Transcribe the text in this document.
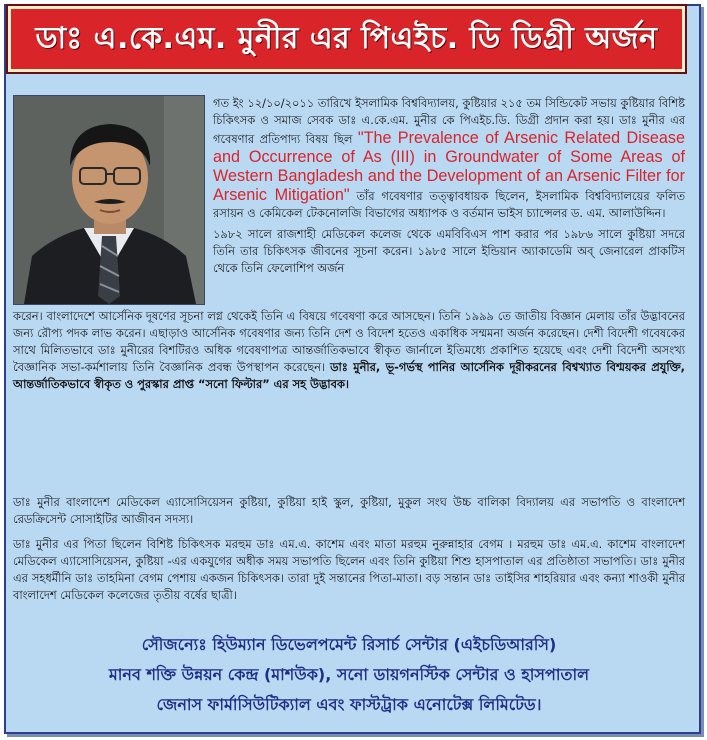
ডাঃ এ.কে.এম. মুনীর এর পিএইচ. ডি ডিগ্রী অর্জন
গত ইং ১২/১০/২০১১ তারিখে ইসলামিক বিশ্ববিদ্যালয়, কুষ্টিয়ার ২১৫ তম সিন্ডিকেট সভায় কুষ্টিয়ার বিশিষ্ট চিকিৎসক ও সমাজ সেবক ডাঃ এ.কে.এম. মুনীর কে পিএইচ.ডি. ডিগ্রী প্রদান করা হয়। ডাঃ মুনীর এর গবেষণার প্রতিপাদ্য বিষয় ছিল "The Prevalence of Arsenic Related Disease and Occurrence of As (III) in Groundwater of Some Areas of Western Bangladesh and the Development of an Arsenic Filter for Arsenic Mitigation" তাঁর গবেষণার তত্ত্বাবধায়ক ছিলেন, ইসলামিক বিশ্ববিদ্যালয়ের ফলিত রসায়ন ও কেমিকেল টেকনোলজি বিভাগের অধ্যাপক ও বর্তমান ভাইস চ্যান্সেলর ড. এম. আলাউদ্দিন।
১৯৮২ সালে রাজশাহী মেডিকেল কলেজ থেকে এমবিবিএস পাশ করার পর ১৯৮৬ সালে কুষ্টিয়া সদরে তিনি তার চিকিৎসক জীবনের সূচনা করেন। ১৯৮৫ সালে ইন্ডিয়ান অ্যাকাডেমি অব্‌ জেনারেল প্রাকটিস থেকে তিনি ফেলোশিপ অর্জন
করেন। বাংলাদেশে আর্সেনিক দূষণের সূচনা লগ্ন থেকেই তিনি এ বিষয়ে গবেষণা করে আসছেন। তিনি ১৯৯৯ তে জাতীয় বিজ্ঞান মেলায় তাঁর উদ্ভাবনের জন্য রৌপ্য পদক লাভ করেন। এছাড়াও আর্সেনিক গবেষণার জন্য তিনি দেশ ও বিদেশ হতেও একাধিক সম্মমনা অর্জন করেছেন। দেশী বিদেশী গবেষকের সাথে মিলিতভাবে ডাঃ মুনীরের বিশটিরও অধিক গবেষণাপত্র আন্তর্জাতিকভাবে স্বীকৃত জার্নালে ইতিমধ্যে প্রকাশিত হয়েছে এবং দেশী বিদেশী অসংখ্য বৈজ্ঞানিক সভা-কর্মশালায় তিনি বৈজ্ঞানিক প্রবন্ধ উপস্থাপন করেছেন। ডাঃ মুনীর, ভূ-গর্ভস্থ পানির আর্সেনিক দূরীকরনের বিশ্বখ্যাত বিশ্ময়কর প্রযুক্তি, আন্তর্জাতিকভাবে স্বীকৃত ও পুরস্কার প্রাপ্ত “সনো ফিল্টার” এর সহ উদ্ভাবক।
ডাঃ মুনীর বাংলাদেশ মেডিকেল এ্যাসোসিয়েসন কুষ্টিয়া, কুষ্টিয়া হাই স্কুল, কুষ্টিয়া, মুকুল সংঘ উচ্চ বালিকা বিদ্যালয় এর সভাপতি ও বাংলাদেশ রেডক্রিসেন্ট সোসাইটির আজীবন সদস্য।
ডাঃ মুনীর এর পিতা ছিলেন বিশিষ্ট চিকিৎসক মরহুম ডাঃ এম.এ. কাশেম এবং মাতা মরহুম নুরুন্নাহার বেগম । মরহুম ডাঃ এম.এ. কাশেম বাংলাদেশ মেডিকেল এ্যাসোসিয়েসন, কুষ্টিয়া -এর একযুগের অধীক সময় সভাপতি ছিলেন এবং তিনি কুষ্টিয়া শিশু হাসপাতাল এর প্রতিষ্ঠাতা সভাপতি। ডাঃ মুনীর এর সহধর্মীনি ডাঃ তাহমিনা বেগম পেশায় একজন চিকিৎসক। তারা দুই সন্তানের পিতা-মাতা। বড় সন্তান ডাঃ তাইসির শাহরিয়ার এবং কন্যা শাওকী মুনীর বাংলাদেশ মেডিকেল কলেজের তৃতীয় বর্ষের ছাত্রী।
সৌজন্যেঃ হিউম্যান ডিভেলপমেন্ট রিসার্চ সেন্টার (এইচডিআরসি)
মানব শক্তি উন্নয়ন কেন্দ্র (মাশউক), সনো ডায়গনস্টিক সেন্টার ও হাসপাতাল
জেনাস ফার্মাসিউটিক্যাল এবং ফাস্টট্রাক এনোটেক্স লিমিটেড।
